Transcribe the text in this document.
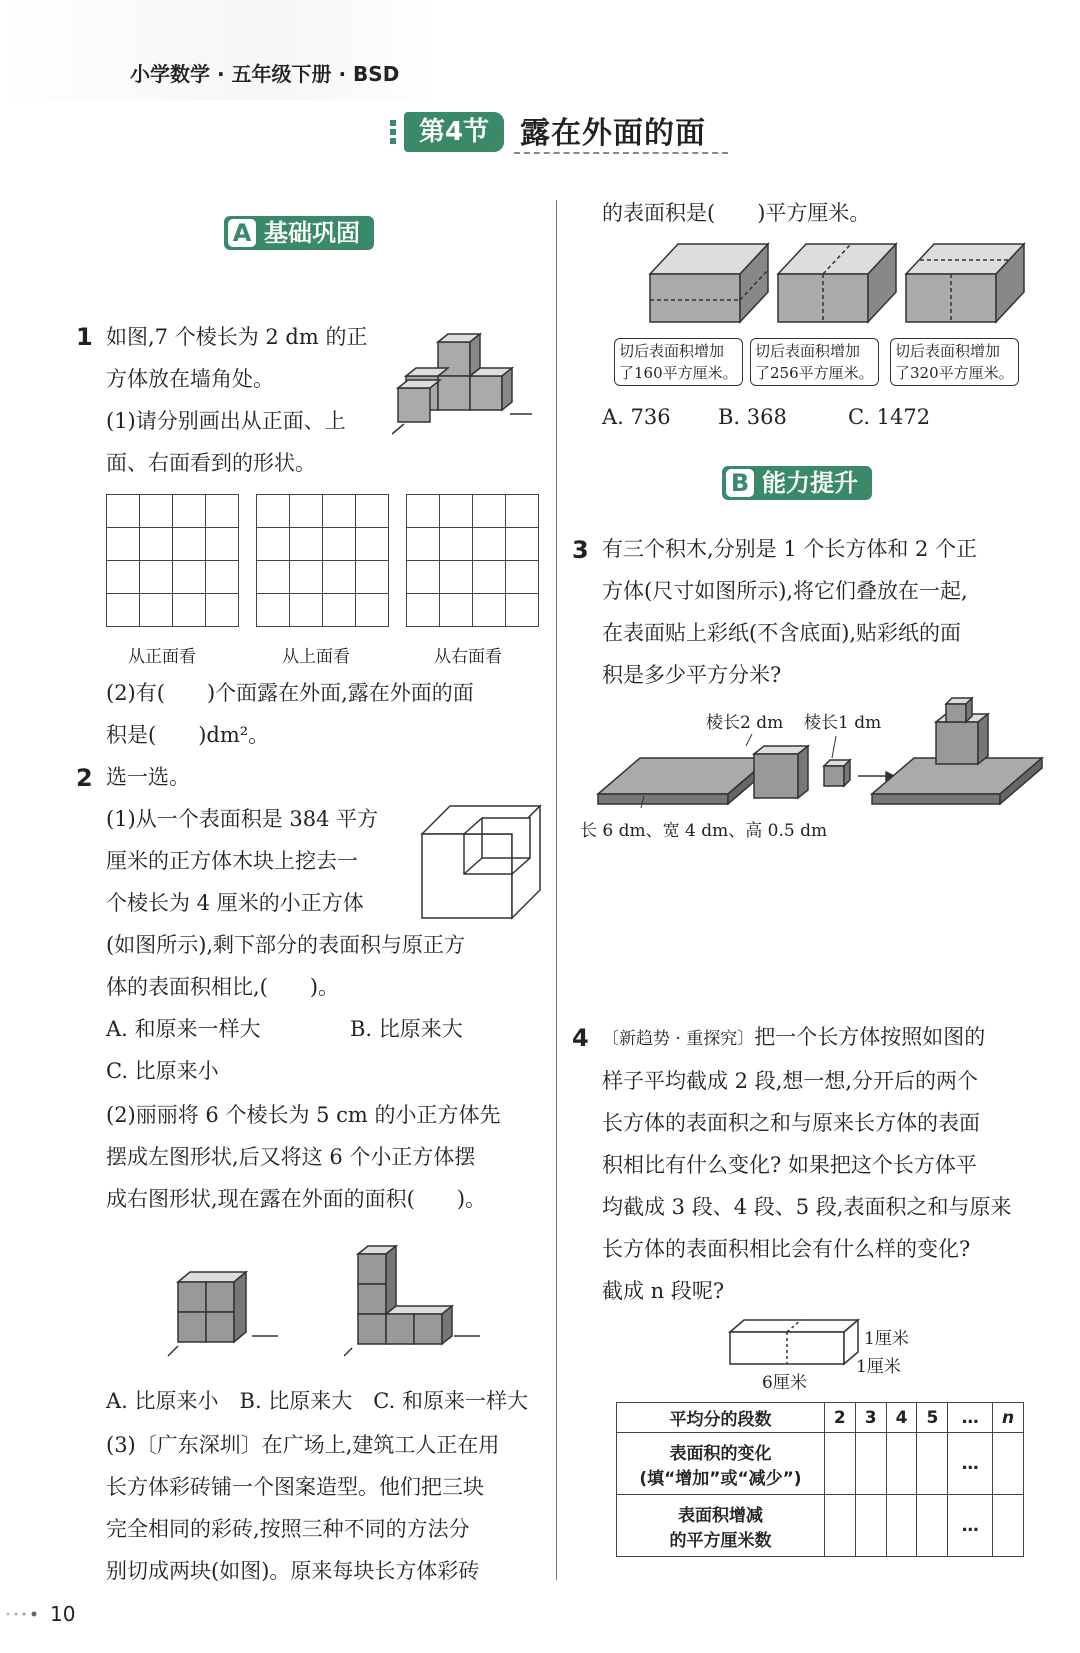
小学数学 · 五年级下册 · BSD
第4节	露在外面的面
A 基础巩固
1 如图,7 个棱长为 2 dm 的正
方体放在墙角处。
(1)请分别画出从正面、上
面、右面看到的形状。

从正面看	从上面看	从右面看
(2)有(　　)个面露在外面,露在外面的面
积是(　　)dm²。
2 选一选。
(1)从一个表面积是 384 平方
厘米的正方体木块上挖去一
个棱长为 4 厘米的小正方体
(如图所示),剩下部分的表面积与原正方
体的表面积相比,(　　)。
A. 和原来一样大	B. 比原来大
C. 比原来小
(2)丽丽将 6 个棱长为 5 cm 的小正方体先
摆成左图形状,后又将这 6 个小正方体摆
成右图形状,现在露在外面的面积(　　)。
A. 比原来小　B. 比原来大　C. 和原来一样大
(3)〔广东深圳〕在广场上,建筑工人正在用
长方体彩砖铺一个图案造型。他们把三块
完全相同的彩砖,按照三种不同的方法分
别切成两块(如图)。原来每块长方体彩砖
的表面积是(　　)平方厘米。
切后表面积增加
了160平方厘米。
切后表面积增加
了256平方厘米。
切后表面积增加
了320平方厘米。
A. 736 B. 368	C. 1472
B 能力提升
3 有三个积木,分别是 1 个长方体和 2 个正
方体(尺寸如图所示),将它们叠放在一起,
在表面贴上彩纸(不含底面),贴彩纸的面
积是多少平方分米?
棱长2 dm 棱长1 dm
长 6 dm、宽 4 dm、高 0.5 dm
4 〔新趋势 · 重探究〕把一个长方体按照如图的
样子平均截成 2 段,想一想,分开后的两个
长方体的表面积之和与原来长方体的表面
积相比有什么变化? 如果把这个长方体平
均截成 3 段、4 段、5 段,表面积之和与原来
长方体的表面积相比会有什么样的变化?
截成 n 段呢?
1厘米
1厘米
6厘米
平均分的段数	2	3	4	5	…	n

表面积的变化
(填“增加”或“减少”)					…	

表面积增减
的平方厘米数					…	
10
